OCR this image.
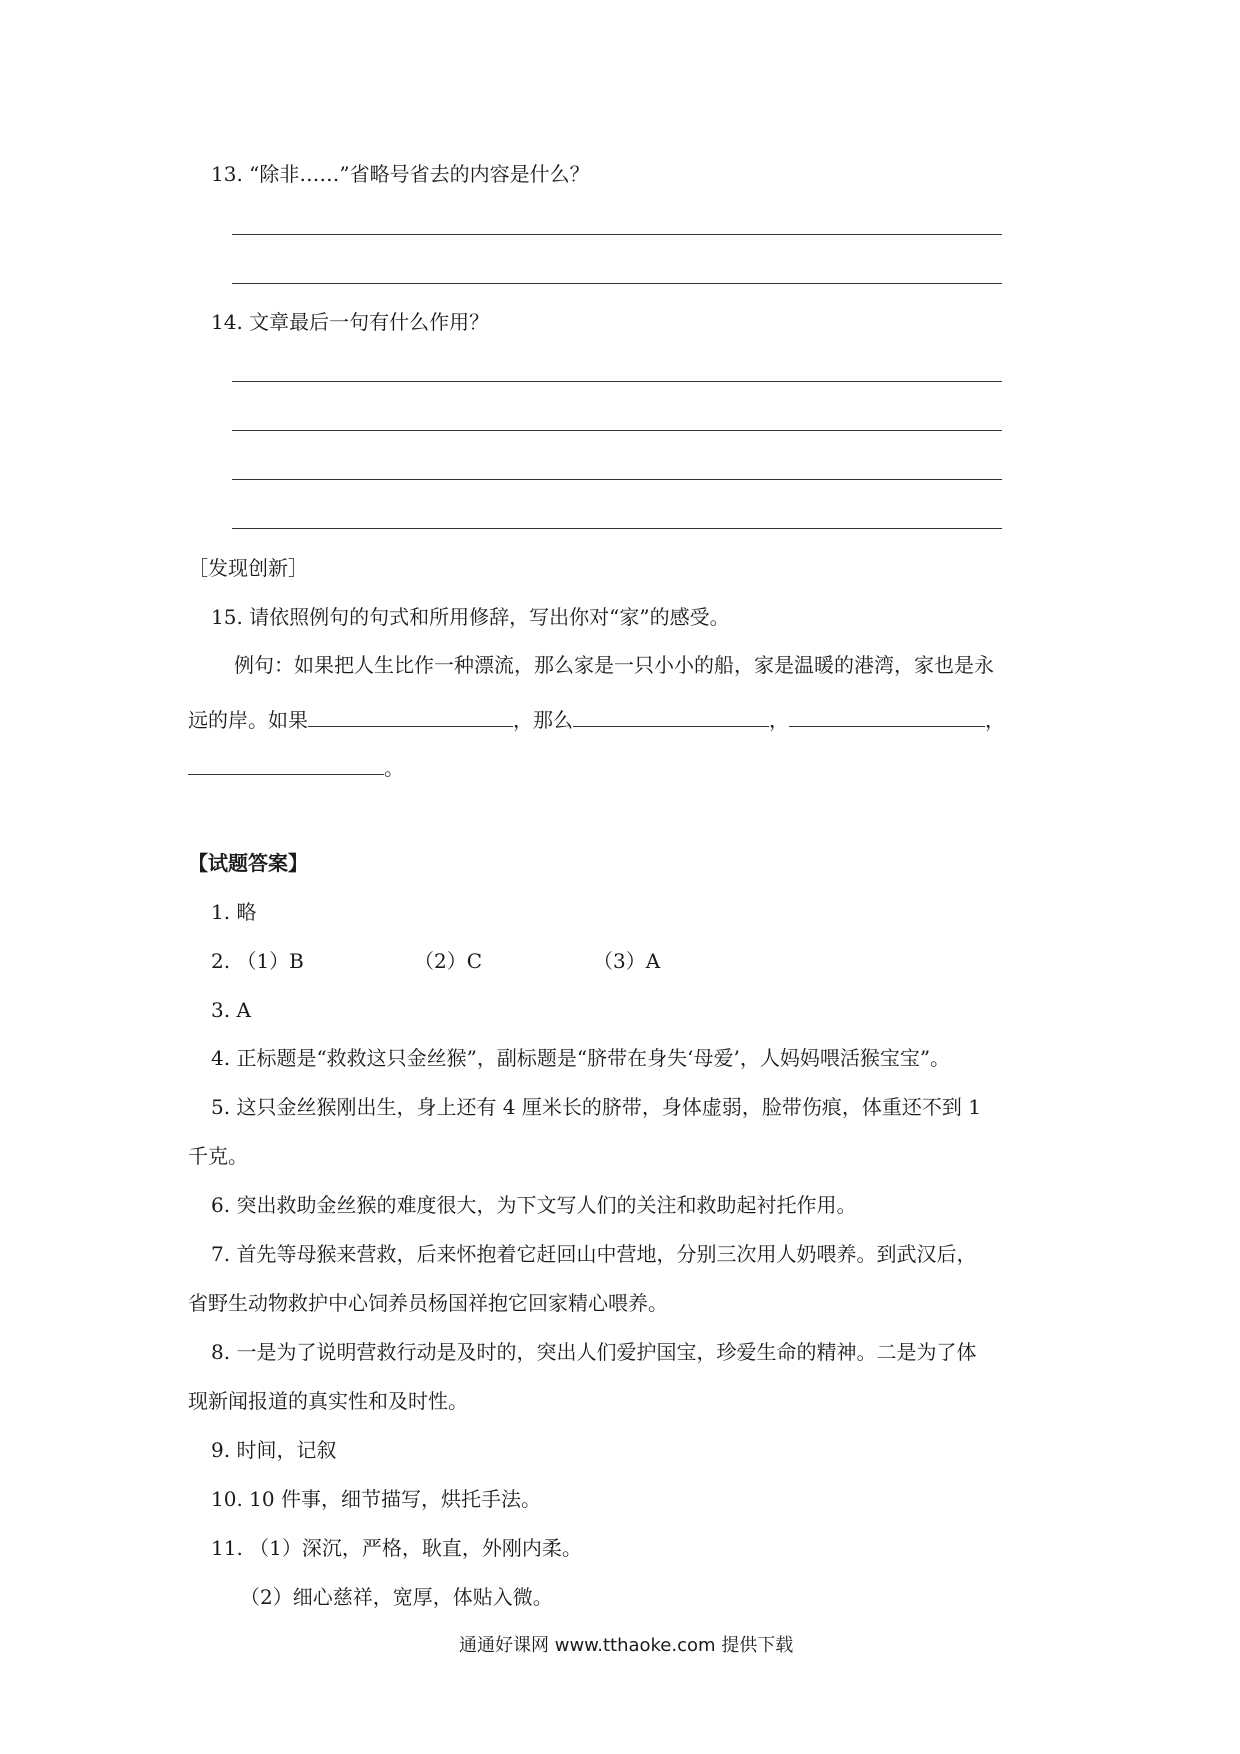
13. “除非……”省略号省去的内容是什么？
14. 文章最后一句有什么作用？
［发现创新］
15. 请依照例句的句式和所用修辞，写出你对“家”的感受。
例句：如果把人生比作一种漂流，那么家是一只小小的船，家是温暖的港湾，家也是永
远的岸。如果	，那么	，	，
。
【试题答案】
1. 略
2. （1）B	（2）C	（3）A
3. A
4. 正标题是“救救这只金丝猴”，副标题是“脐带在身失‘母爱’，人妈妈喂活猴宝宝”。
5. 这只金丝猴刚出生，身上还有 4 厘米长的脐带，身体虚弱，脸带伤痕，体重还不到 1
千克。
6. 突出救助金丝猴的难度很大，为下文写人们的关注和救助起衬托作用。
7. 首先等母猴来营救，后来怀抱着它赶回山中营地，分别三次用人奶喂养。到武汉后，
省野生动物救护中心饲养员杨国祥抱它回家精心喂养。
8. 一是为了说明营救行动是及时的，突出人们爱护国宝，珍爱生命的精神。二是为了体
现新闻报道的真实性和及时性。
9. 时间，记叙
10. 10 件事，细节描写，烘托手法。
11. （1）深沉，严格，耿直，外刚内柔。
（2）细心慈祥，宽厚，体贴入微。
通通好课网 www.tthaoke.com 提供下载
